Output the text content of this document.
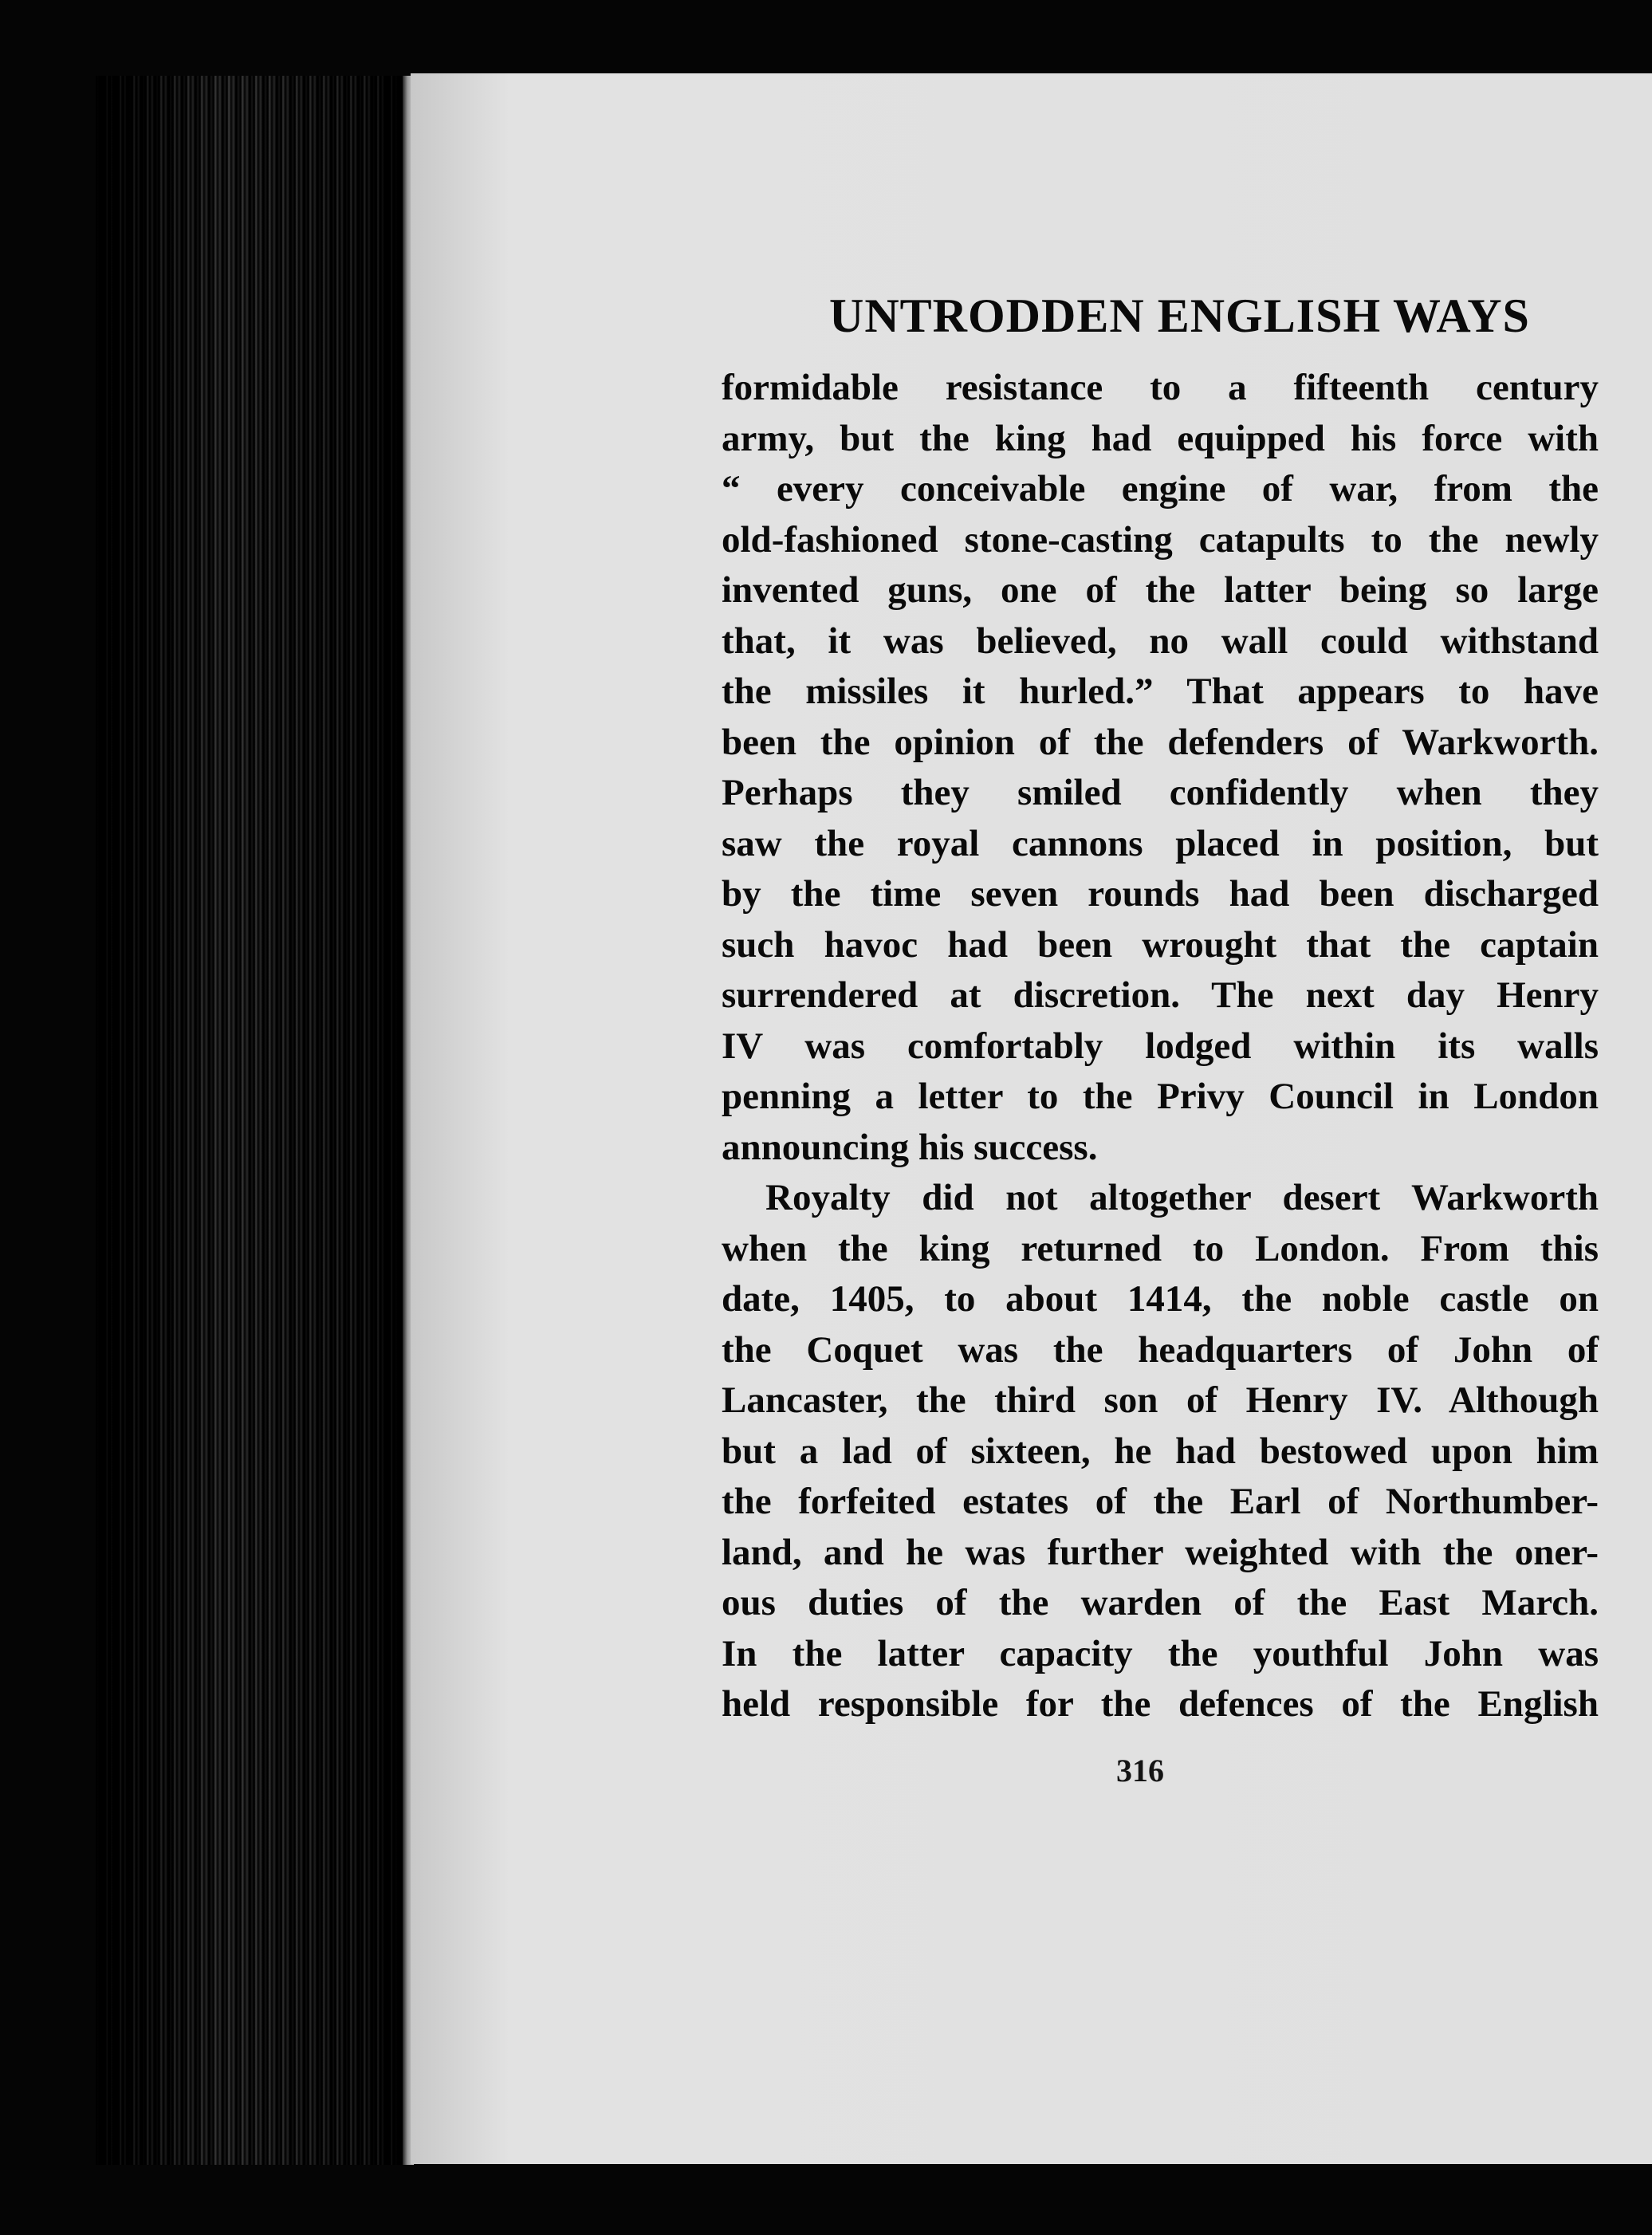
UNTRODDEN ENGLISH WAYS
formidable resistance to a fifteenth century
army, but the king had equipped his force with
“ every conceivable engine of war, from the
old-fashioned stone-casting catapults to the newly
invented guns, one of the latter being so large
that, it was believed, no wall could withstand
the missiles it hurled.” That appears to have
been the opinion of the defenders of Warkworth.
Perhaps they smiled confidently when they
saw the royal cannons placed in position, but
by the time seven rounds had been discharged
such havoc had been wrought that the captain
surrendered at discretion. The next day Henry
IV was comfortably lodged within its walls
penning a letter to the Privy Council in London
announcing his success.
Royalty did not altogether desert Warkworth
when the king returned to London. From this
date, 1405, to about 1414, the noble castle on
the Coquet was the headquarters of John of
Lancaster, the third son of Henry IV. Although
but a lad of sixteen, he had bestowed upon him
the forfeited estates of the Earl of Northumber-
land, and he was further weighted with the oner-
ous duties of the warden of the East March.
In the latter capacity the youthful John was
held responsible for the defences of the English
316
